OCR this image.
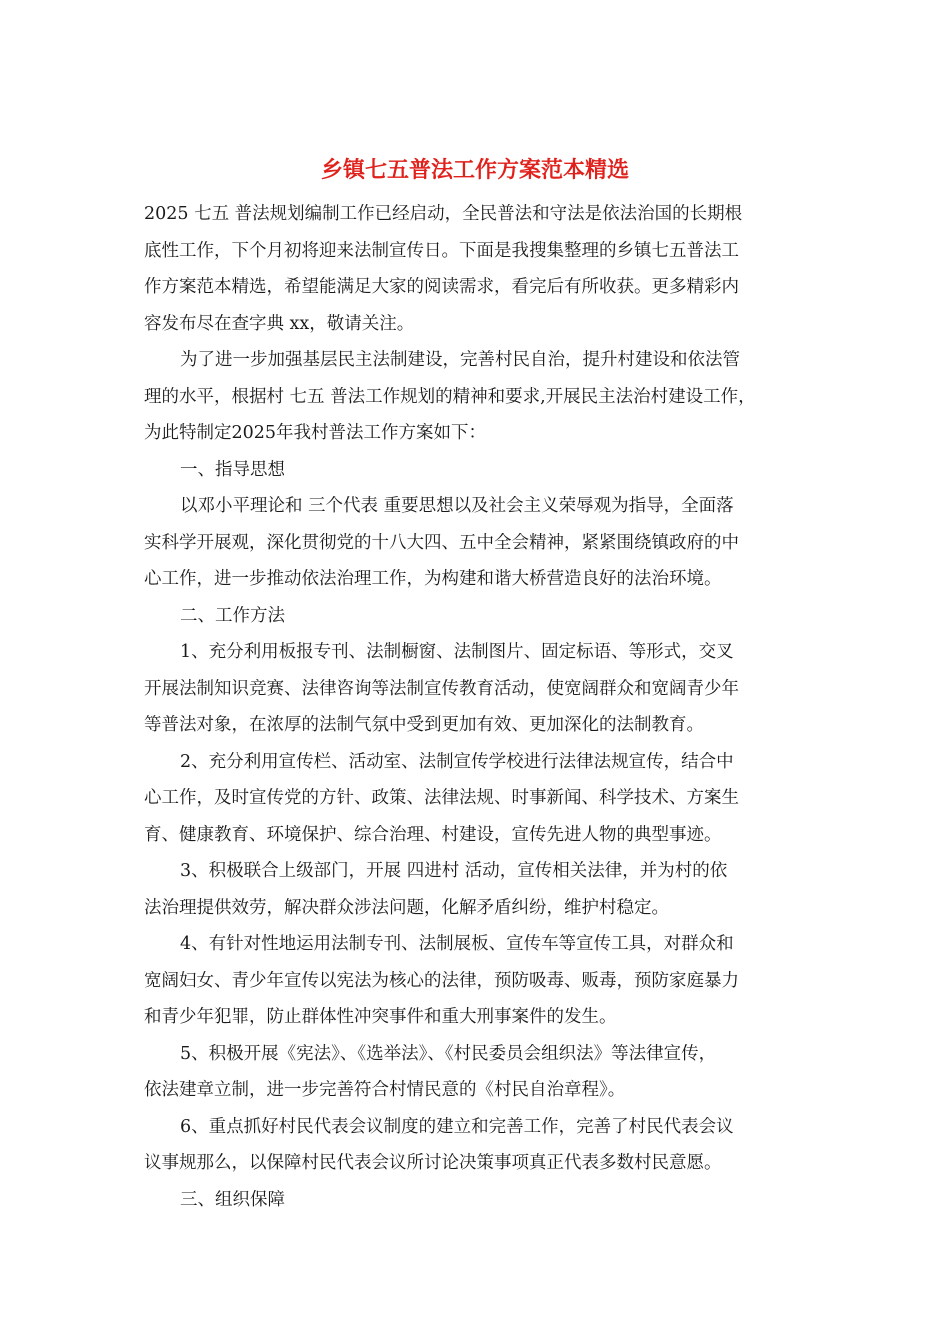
乡镇七五普法工作方案范本精选

2025 七五 普法规划编制工作已经启动，全民普法和守法是依法治国的长期根
底性工作，下个月初将迎来法制宣传日。下面是我搜集整理的乡镇七五普法工
作方案范本精选，希望能满足大家的阅读需求，看完后有所收获。更多精彩内
容发布尽在查字典 xx，敬请关注。

为了进一步加强基层民主法制建设，完善村民自治，提升村建设和依法管
理的水平，根据村 七五 普法工作规划的精神和要求,开展民主法治村建设工作，
为此特制定2025年我村普法工作方案如下：

一、指导思想

以邓小平理论和 三个代表 重要思想以及社会主义荣辱观为指导，全面落
实科学开展观，深化贯彻党的十八大四、五中全会精神，紧紧围绕镇政府的中
心工作，进一步推动依法治理工作，为构建和谐大桥营造良好的法治环境。

二、工作方法

1、充分利用板报专刊、法制橱窗、法制图片、固定标语、等形式，交叉
开展法制知识竞赛、法律咨询等法制宣传教育活动，使宽阔群众和宽阔青少年
等普法对象，在浓厚的法制气氛中受到更加有效、更加深化的法制教育。

2、充分利用宣传栏、活动室、法制宣传学校进行法律法规宣传，结合中
心工作，及时宣传党的方针、政策、法律法规、时事新闻、科学技术、方案生
育、健康教育、环境保护、综合治理、村建设，宣传先进人物的典型事迹。

3、积极联合上级部门，开展 四进村 活动，宣传相关法律，并为村的依
法治理提供效劳，解决群众涉法问题，化解矛盾纠纷，维护村稳定。

4、有针对性地运用法制专刊、法制展板、宣传车等宣传工具，对群众和
宽阔妇女、青少年宣传以宪法为核心的法律，预防吸毒、贩毒，预防家庭暴力
和青少年犯罪，防止群体性冲突事件和重大刑事案件的发生。

5、积极开展《宪法》、《选举法》、《村民委员会组织法》等法律宣传，
依法建章立制，进一步完善符合村情民意的《村民自治章程》。

6、重点抓好村民代表会议制度的建立和完善工作，完善了村民代表会议
议事规那么，以保障村民代表会议所讨论决策事项真正代表多数村民意愿。

三、组织保障
